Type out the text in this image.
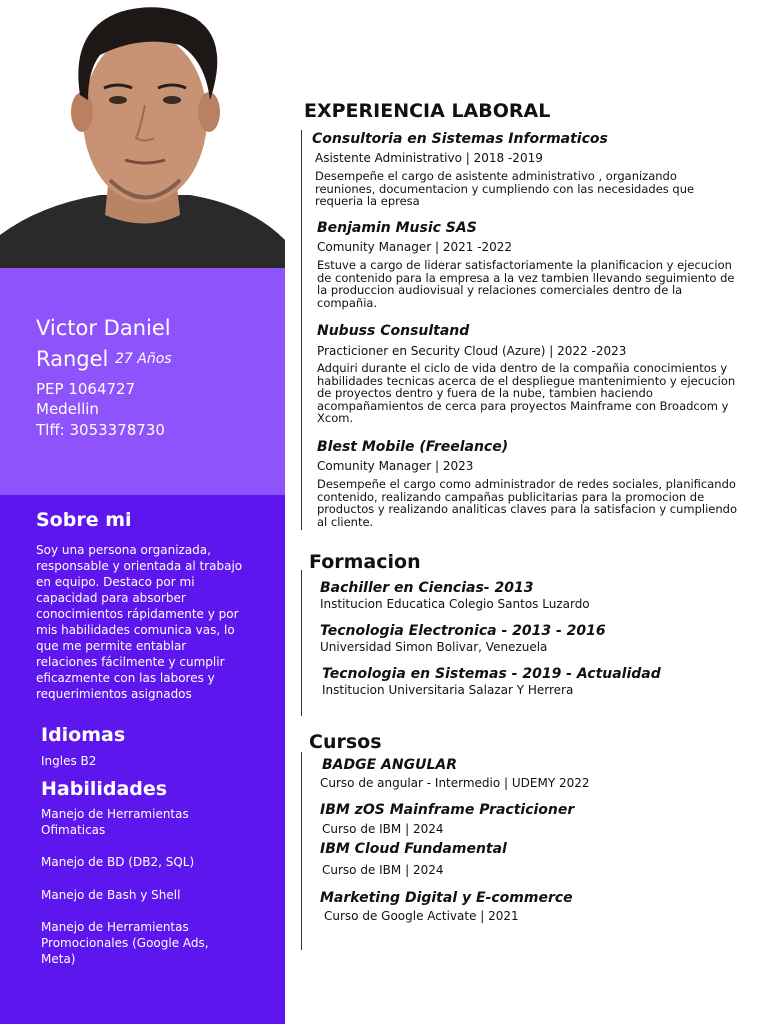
Victor Daniel
Rangel 27 Años
PEP 1064727
Medellin
Tlff: 3053378730
Sobre mi
Soy una persona organizada, responsable y orientada al trabajo en equipo. Destaco por mi capacidad para absorber conocimientos rápidamente y por mis habilidades comunica vas, lo que me permite entablar relaciones fácilmente y cumplir eficazmente con las labores y requerimientos asignados
Idiomas
Ingles B2
Habilidades
Manejo de Herramientas Ofimaticas
Manejo de BD (DB2, SQL)
Manejo de Bash y Shell
Manejo de Herramientas Promocionales (Google Ads, Meta)
EXPERIENCIA LABORAL
Consultoria en Sistemas Informaticos
Asistente Administrativo | 2018 -2019
Desempeñe el cargo de asistente administrativo , organizando reuniones, documentacion y cumpliendo con las necesidades que requeria la epresa
Benjamin Music SAS
Comunity Manager | 2021 -2022
Estuve a cargo de liderar satisfactoriamente la planificacion y ejecucion de contenido para la empresa a la vez tambien llevando seguimiento de la produccion audiovisual y relaciones comerciales dentro de la compañia.
Nubuss Consultand
Practicioner en Security Cloud (Azure) | 2022 -2023
Adquiri durante el ciclo de vida dentro de la compañia conocimientos y habilidades tecnicas acerca de el despliegue mantenimiento y ejecucion de proyectos dentro y fuera de la nube, tambien haciendo acompañamientos de cerca para proyectos Mainframe con Broadcom y Xcom.
Blest Mobile (Freelance)
Comunity Manager | 2023
Desempeñe el cargo como administrador de redes sociales, planificando contenido, realizando campañas publicitarias para la promocion de productos y realizando analiticas claves para la satisfacion y cumpliendo al cliente.
Formacion
Bachiller en Ciencias- 2013
Institucion Educatica Colegio Santos Luzardo
Tecnologia Electronica - 2013 - 2016
Universidad Simon Bolivar, Venezuela
Tecnologia en Sistemas - 2019 - Actualidad
Institucion Universitaria Salazar Y Herrera
Cursos
BADGE ANGULAR
Curso de angular - Intermedio | UDEMY 2022
IBM zOS Mainframe Practicioner
Curso de IBM | 2024
IBM Cloud Fundamental
Curso de IBM | 2024
Marketing Digital y E-commerce
Curso de Google Activate | 2021
